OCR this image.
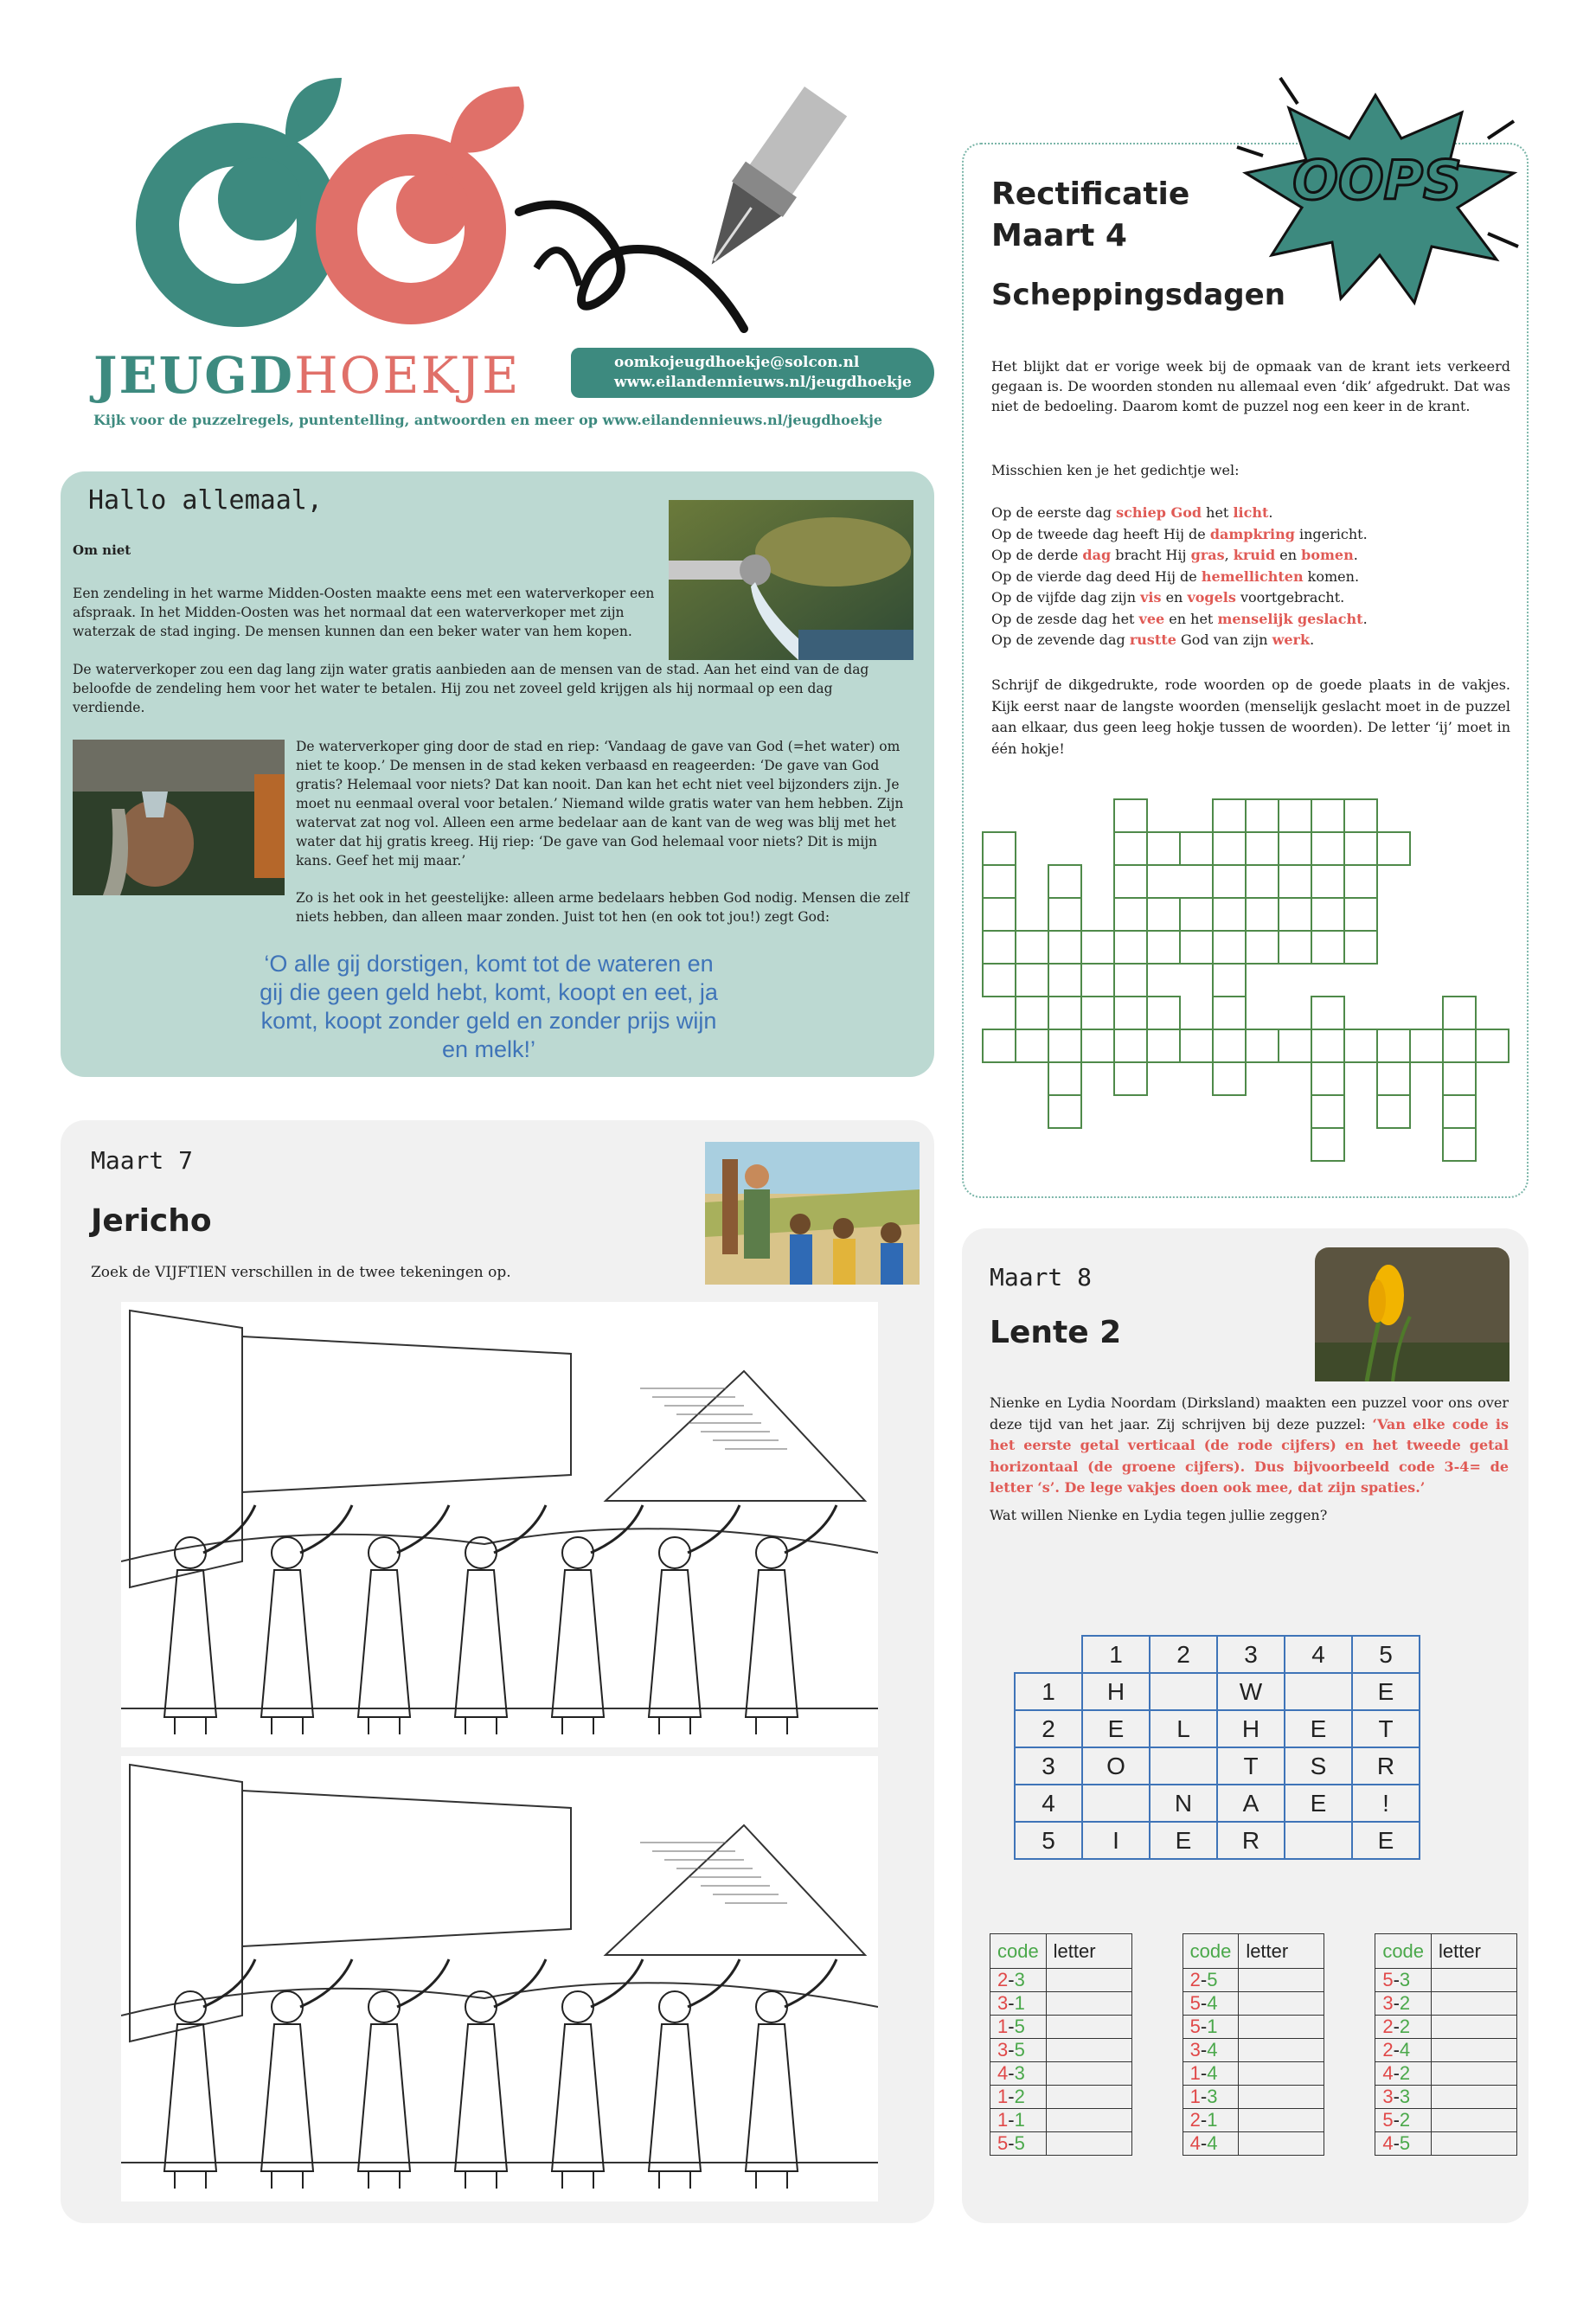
JEUGDHOEKJE	oomkojeugdhoekje@solcon.nl
www.eilandennieuws.nl/jeugdhoekje
Kijk voor de puzzelregels, puntentelling, antwoorden en meer op www.eilandennieuws.nl/jeugdhoekje
Hallo allemaal,
Om niet
Een zendeling in het warme Midden-Oosten maakte eens met een waterverkoper een afspraak. In het Midden-Oosten was het normaal dat een waterverkoper met zijn waterzak de stad inging. De mensen kunnen dan een beker water van hem kopen.
De waterverkoper zou een dag lang zijn water gratis aanbieden aan de mensen van de stad. Aan het eind van de dag beloofde de zendeling hem voor het water te betalen. Hij zou net zoveel geld krijgen als hij normaal op een dag verdiende.
De waterverkoper ging door de stad en riep: ‘Vandaag de gave van God (=het water) om niet te koop.’ De mensen in de stad keken verbaasd en reageerden: ‘De gave van God gratis? Helemaal voor niets? Dat kan nooit. Dan kan het echt niet veel bijzonders zijn. Je moet nu eenmaal overal voor betalen.’ Niemand wilde gratis water van hem hebben. Zijn watervat zat nog vol. Alleen een arme bedelaar aan de kant van de weg was blij met het water dat hij gratis kreeg. Hij riep: ‘De gave van God helemaal voor niets? Dit is mijn kans. Geef het mij maar.’
Zo is het ook in het geestelijke: alleen arme bedelaars hebben God nodig. Mensen die zelf niets hebben, dan alleen maar zonden. Juist tot hen (en ook tot jou!) zegt God:
‘O alle gij dorstigen, komt tot de wateren en gij die geen geld hebt, komt, koopt en eet, ja komt, koopt zonder geld en zonder prijs wijn en melk!’
Rectificatie
Maart 4
Scheppingsdagen
Het blijkt dat er vorige week bij de opmaak van de krant iets verkeerd gegaan is. De woorden stonden nu allemaal even ‘dik’ afgedrukt. Dat was niet de bedoeling. Daarom komt de puzzel nog een keer in de krant.
Misschien ken je het gedichtje wel:
Op de eerste dag schiep God het licht.
Op de tweede dag heeft Hij de dampkring ingericht.
Op de derde dag bracht Hij gras, kruid en bomen.
Op de vierde dag deed Hij de hemellichten komen.
Op de vijfde dag zijn vis en vogels voortgebracht.
Op de zesde dag het vee en het menselijk geslacht.
Op de zevende dag rustte God van zijn werk.
Schrijf de dikgedrukte, rode woorden op de goede plaats in de vakjes. Kijk eerst naar de langste woorden (menselijk geslacht moet in de puzzel aan elkaar, dus geen leeg hokje tussen de woorden). De letter ‘ij’ moet in één hokje!
OOPS
Maart 7
Jericho
Zoek de VIJFTIEN verschillen in de twee tekeningen op.	Maart 8
Lente 2
Nienke en Lydia Noordam (Dirksland) maakten een puzzel voor ons over deze tijd van het jaar. Zij schrijven bij deze puzzel: ‘Van elke code is het eerste getal verticaal (de rode cijfers) en het tweede getal horizontaal (de groene cijfers). Dus bijvoorbeeld code 3-4= de letter ‘s’. De lege vakjes doen ook mee, dat zijn spaties.’
Wat willen Nienke en Lydia tegen jullie zeggen?
	1	2	3	4	5
1	H		W		E
2	E	L	H	E	T
3	O		T	S	R
4		N	A	E	!
5	I	E	R		E
code	letter		code	letter		code	letter
2-3			2-5			5-3	
3-1			5-4			3-2	
1-5			5-1			2-2	
3-5			3-4			2-4	
4-3			1-4			4-2	
1-2			1-3			3-3	
1-1			2-1			5-2	
5-5			4-4			4-5	
